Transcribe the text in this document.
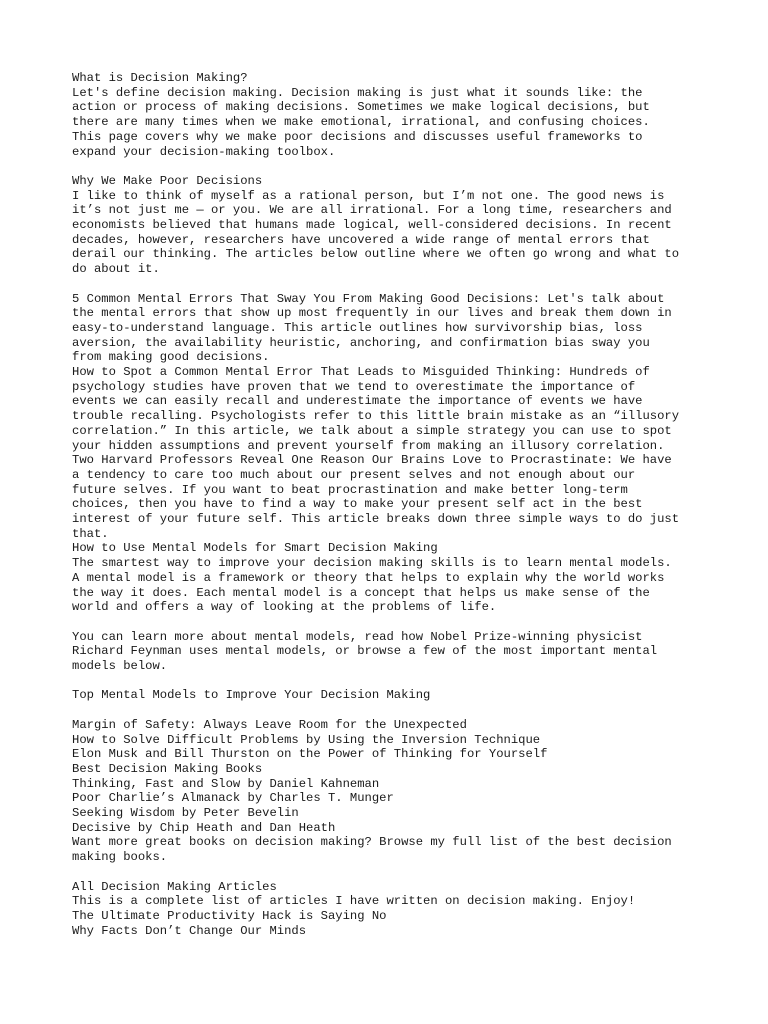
What is Decision Making?
Let's define decision making. Decision making is just what it sounds like: the
action or process of making decisions. Sometimes we make logical decisions, but
there are many times when we make emotional, irrational, and confusing choices.
This page covers why we make poor decisions and discusses useful frameworks to
expand your decision-making toolbox.
Why We Make Poor Decisions
I like to think of myself as a rational person, but I’m not one. The good news is
it’s not just me — or you. We are all irrational. For a long time, researchers and
economists believed that humans made logical, well-considered decisions. In recent
decades, however, researchers have uncovered a wide range of mental errors that
derail our thinking. The articles below outline where we often go wrong and what to
do about it.
5 Common Mental Errors That Sway You From Making Good Decisions: Let's talk about
the mental errors that show up most frequently in our lives and break them down in
easy-to-understand language. This article outlines how survivorship bias, loss
aversion, the availability heuristic, anchoring, and confirmation bias sway you
from making good decisions.
How to Spot a Common Mental Error That Leads to Misguided Thinking: Hundreds of
psychology studies have proven that we tend to overestimate the importance of
events we can easily recall and underestimate the importance of events we have
trouble recalling. Psychologists refer to this little brain mistake as an “illusory
correlation.” In this article, we talk about a simple strategy you can use to spot
your hidden assumptions and prevent yourself from making an illusory correlation.
Two Harvard Professors Reveal One Reason Our Brains Love to Procrastinate: We have
a tendency to care too much about our present selves and not enough about our
future selves. If you want to beat procrastination and make better long-term
choices, then you have to find a way to make your present self act in the best
interest of your future self. This article breaks down three simple ways to do just
that.
How to Use Mental Models for Smart Decision Making
The smartest way to improve your decision making skills is to learn mental models.
A mental model is a framework or theory that helps to explain why the world works
the way it does. Each mental model is a concept that helps us make sense of the
world and offers a way of looking at the problems of life.
You can learn more about mental models, read how Nobel Prize-winning physicist
Richard Feynman uses mental models, or browse a few of the most important mental
models below.
Top Mental Models to Improve Your Decision Making
Margin of Safety: Always Leave Room for the Unexpected
How to Solve Difficult Problems by Using the Inversion Technique
Elon Musk and Bill Thurston on the Power of Thinking for Yourself
Best Decision Making Books
Thinking, Fast and Slow by Daniel Kahneman
Poor Charlie’s Almanack by Charles T. Munger
Seeking Wisdom by Peter Bevelin
Decisive by Chip Heath and Dan Heath
Want more great books on decision making? Browse my full list of the best decision
making books.
All Decision Making Articles
This is a complete list of articles I have written on decision making. Enjoy!
The Ultimate Productivity Hack is Saying No
Why Facts Don’t Change Our Minds
